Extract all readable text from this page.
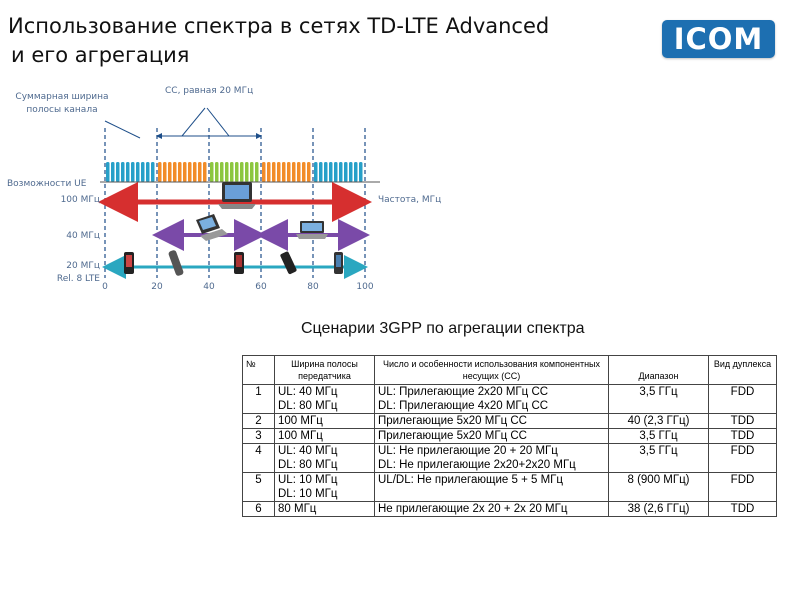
Использование спектра в сетях TD-LTE Advanced
и его агрегация	ICOM
Суммарная ширина
полосы канала
СС, равная 20 МГц
Возможности UE
Частота, МГц
100 МГц
40 МГц
20 МГц
Rel. 8 LTE
0	20	40	60	80	100
Сценарии 3GPP по агрегации спектра
№	Ширина полосы передатчика	Число и особенности использования компонентных несущих (CC)	Диапазон	Вид дуплекса
1	UL: 40 МГц
DL: 80 МГц	UL: Прилегающие 2x20 МГц CC
DL: Прилегающие 4x20 МГц CC	3,5 ГГц	FDD
2	100 МГц	Прилегающие 5x20 МГц CC	40 (2,3 ГГц)	TDD
3	100 МГц	Прилегающие 5x20 МГц CC	3,5 ГГц	TDD
4	UL: 40 МГц
DL: 80 МГц	UL: Не прилегающие 20 + 20 МГц
DL: Не прилегающие 2x20+2x20 МГц	3,5 ГГц	FDD
5	UL: 10 МГц
DL: 10 МГц	UL/DL: Не прилегающие 5 + 5 МГц	8 (900 МГц)	FDD
6	80 МГц	Не прилегающие 2x 20 + 2x 20 МГц	38 (2,6 ГГц)	TDD
